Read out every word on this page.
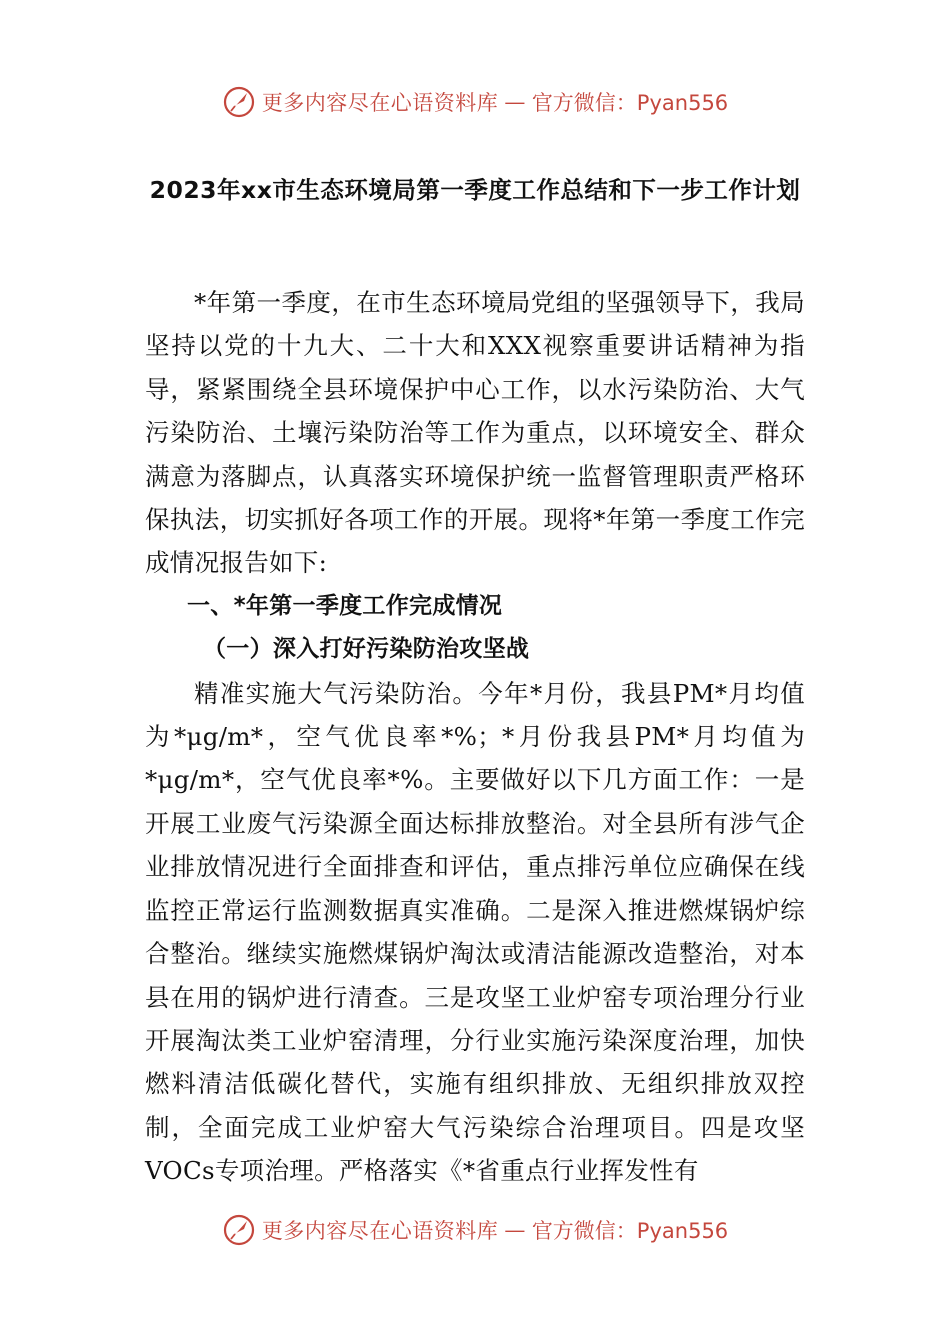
更多内容尽在心语资料库 — 官方微信：Pyan556
2023年xx市生态环境局第一季度工作总结和下一步工作计划

*年第一季度，在市生态环境局党组的坚强领导下，我局坚持以党的十九大、二十大和XXX视察重要讲话精神为指导，紧紧围绕全县环境保护中心工作，以水污染防治、大气污染防治、土壤污染防治等工作为重点，以环境安全、群众满意为落脚点，认真落实环境保护统一监督管理职责严格环保执法，切实抓好各项工作的开展。现将*年第一季度工作完成情况报告如下:

一、*年第一季度工作完成情况

（一）深入打好污染防治攻坚战

精准实施大气污染防治。今年*月份，我县PM*月均值为*μg/m*，空气优良率*%；*月份我县PM*月均值为*μg/m*，空气优良率*%。主要做好以下几方面工作：一是开展工业废气污染源全面达标排放整治。对全县所有涉气企业排放情况进行全面排查和评估，重点排污单位应确保在线监控正常运行监测数据真实准确。二是深入推进燃煤锅炉综合整治。继续实施燃煤锅炉淘汰或清洁能源改造整治，对本县在用的锅炉进行清查。三是攻坚工业炉窑专项治理分行业开展淘汰类工业炉窑清理，分行业实施污染深度治理，加快燃料清洁低碳化替代，实施有组织排放、无组织排放双控制，全面完成工业炉窑大气污染综合治理项目。四是攻坚VOCs专项治理。严格落实《*省重点行业挥发性有

更多内容尽在心语资料库 — 官方微信：Pyan556
